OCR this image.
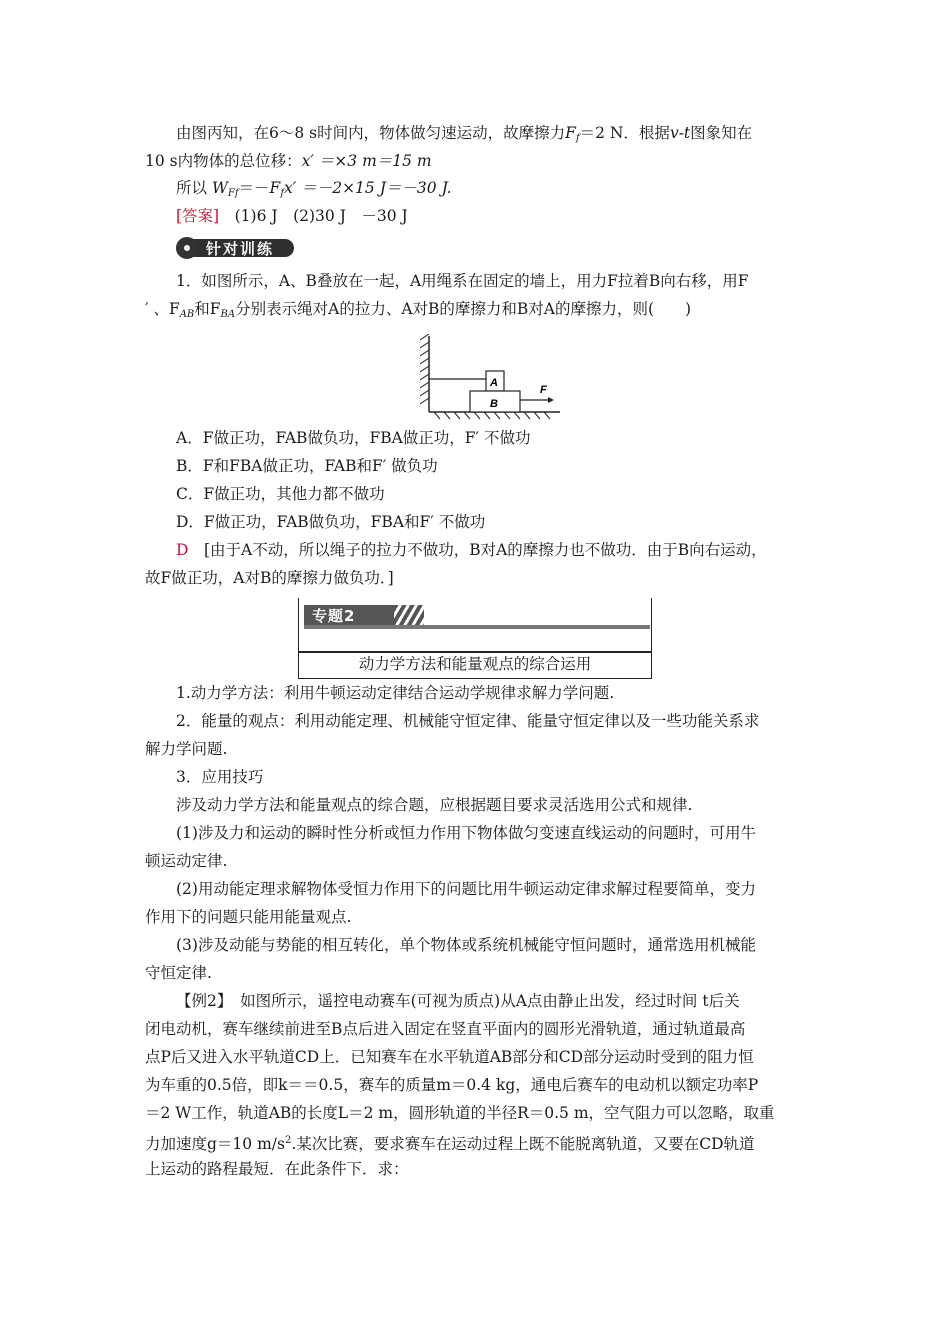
由图丙知，在6～8 s时间内，物体做匀速运动，故摩擦力$F_f=2$ N．根据v-t图象知在
10 s内物体的总位移：x′ ＝×3 m＝15 m
所以 $W_{Ff}=-F_fx' =-2\times 15$ J＝－30 J.
[答案]　 (1)6 J　(2)30 J　－30 J
针对训练
1．如图所示，A、B叠放在一起，A用绳系在固定的墙上，用力F拉着B向右移，用F
′ 、$F_{AB}$和$F_{BA}$分别表示绳对A的拉力、A对B的摩擦力和B对A的摩擦力，则(　　)
A
B
F
A．F做正功，FAB做负功，FBA做正功，F′ 不做功
B．F和FBA做正功，FAB和F′ 做负功
C．F做正功，其他力都不做功
D．F做正功，FAB做负功，FBA和F′ 不做功
D　 [由于A不动，所以绳子的拉力不做功，B对A的摩擦力也不做功．由于B向右运动，
故F做正功，A对B的摩擦力做负功．]
专题2
动力学方法和能量观点的综合运用
1.动力学方法：利用牛顿运动定律结合运动学规律求解力学问题.
2．能量的观点：利用动能定理、机械能守恒定律、能量守恒定律以及一些功能关系求
解力学问题.
3．应用技巧
涉及动力学方法和能量观点的综合题，应根据题目要求灵活选用公式和规律.
(1)涉及力和运动的瞬时性分析或恒力作用下物体做匀变速直线运动的问题时，可用牛
顿运动定律.
(2)用动能定理求解物体受恒力作用下的问题比用牛顿运动定律求解过程要简单，变力
作用下的问题只能用能量观点.
(3)涉及动能与势能的相互转化，单个物体或系统机械能守恒问题时，通常选用机械能
守恒定律.
【例2】　如图所示，遥控电动赛车(可视为质点)从A点由静止出发，经过时间 t后关
闭电动机，赛车继续前进至B点后进入固定在竖直平面内的圆形光滑轨道，通过轨道最高
点P后又进入水平轨道CD上．已知赛车在水平轨道AB部分和CD部分运动时受到的阻力恒
为车重的0.5倍，即k＝＝0.5，赛车的质量m＝0.4 kg，通电后赛车的电动机以额定功率P
＝2 W工作，轨道AB的长度L＝2 m，圆形轨道的半径R＝0.5 m，空气阻力可以忽略，取重
力加速度g＝10 $m/s^2$.某次比赛，要求赛车在运动过程上既不能脱离轨道，又要在CD轨道
上运动的路程最短．在此条件下．求：
